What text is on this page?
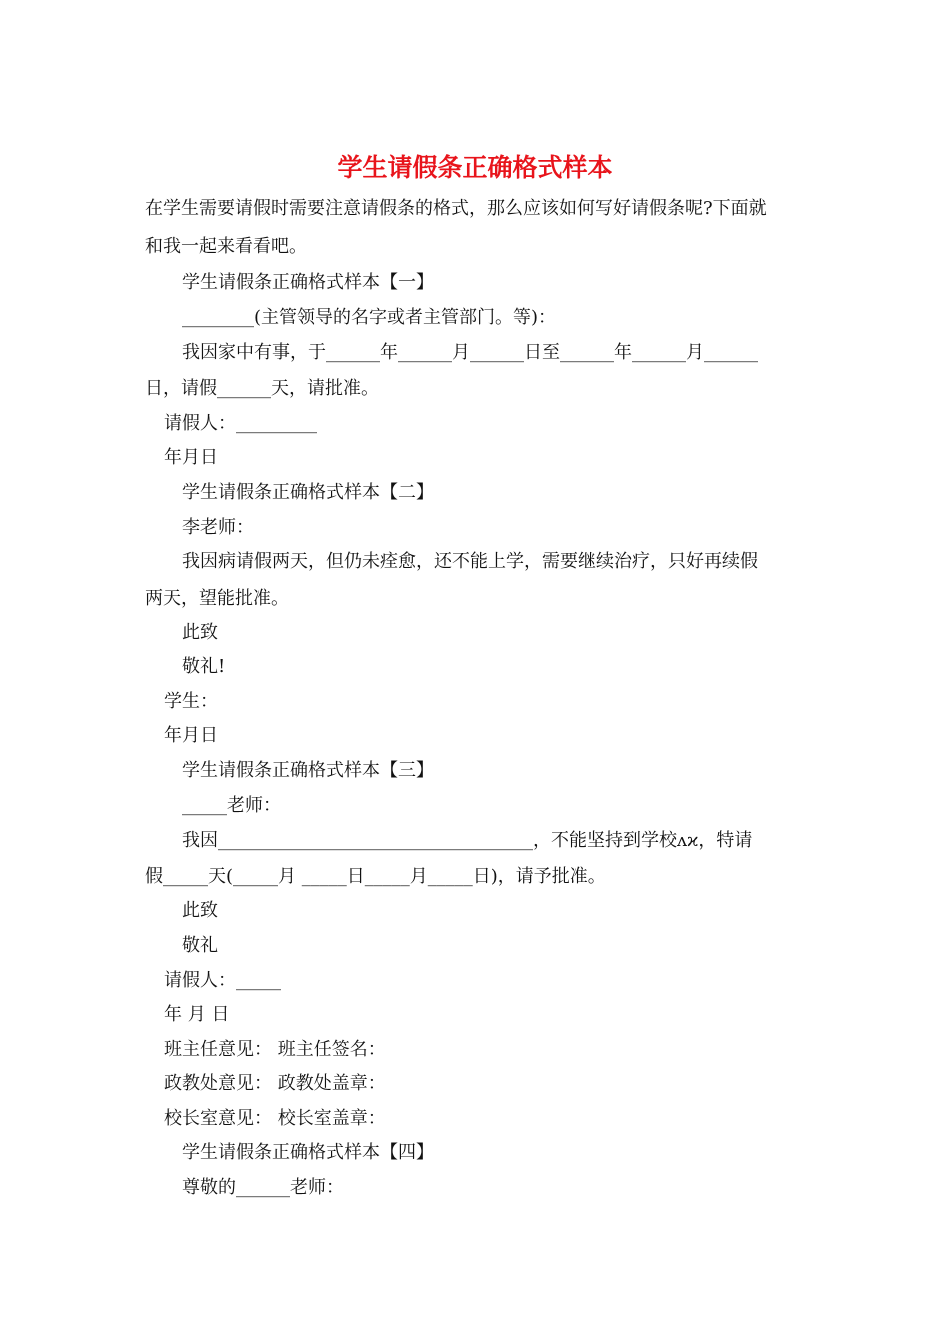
学生请假条正确格式样本
在学生需要请假时需要注意请假条的格式，那么应该如何写好请假条呢?下面就
和我一起来看看吧。
学生请假条正确格式样本【一】
________(主管领导的名字或者主管部门。等)：
我因家中有事，于______年______月______日至______年______月______
日，请假______天，请批准。
请假人：_________
年月日
学生请假条正确格式样本【二】
李老师：
我因病请假两天，但仍未痊愈，还不能上学，需要继续治疗，只好再续假
两天，望能批准。
此致
敬礼!
学生：
年月日
学生请假条正确格式样本【三】
_____老师：
我因___________________________________，不能坚持到学校ʌϰ，特请
假_____天(_____月 _____日_____月_____日)，请予批准。
此致
敬礼
请假人：_____
年 月 日
班主任意见： 班主任签名：
政教处意见： 政教处盖章：
校长室意见： 校长室盖章：
学生请假条正确格式样本【四】
尊敬的______老师：
